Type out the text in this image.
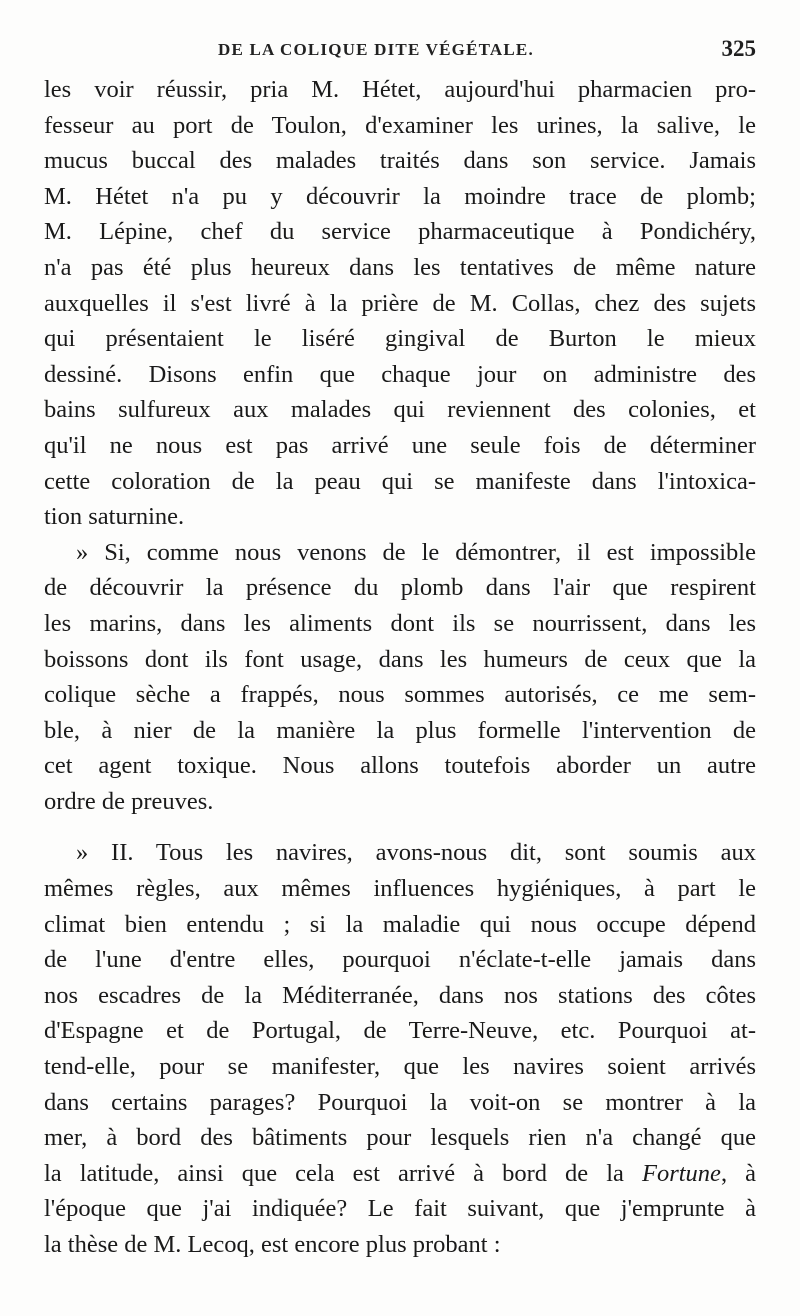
DE LA COLIQUE DITE VÉGÉTALE.	325
les voir réussir, pria M. Hétet, aujourd'hui pharmacien pro-
fesseur au port de Toulon, d'examiner les urines, la salive, le
mucus buccal des malades traités dans son service. Jamais
M. Hétet n'a pu y découvrir la moindre trace de plomb;
M. Lépine, chef du service pharmaceutique à Pondichéry,
n'a pas été plus heureux dans les tentatives de même nature
auxquelles il s'est livré à la prière de M. Collas, chez des sujets
qui présentaient le liséré gingival de Burton le mieux
dessiné. Disons enfin que chaque jour on administre des
bains sulfureux aux malades qui reviennent des colonies, et
qu'il ne nous est pas arrivé une seule fois de déterminer
cette coloration de la peau qui se manifeste dans l'intoxica-
tion saturnine.
» Si, comme nous venons de le démontrer, il est impossible
de découvrir la présence du plomb dans l'air que respirent
les marins, dans les aliments dont ils se nourrissent, dans les
boissons dont ils font usage, dans les humeurs de ceux que la
colique sèche a frappés, nous sommes autorisés, ce me sem-
ble, à nier de la manière la plus formelle l'intervention de
cet agent toxique. Nous allons toutefois aborder un autre
ordre de preuves.
» II. Tous les navires, avons-nous dit, sont soumis aux
mêmes règles, aux mêmes influences hygiéniques, à part le
climat bien entendu ; si la maladie qui nous occupe dépend
de l'une d'entre elles, pourquoi n'éclate-t-elle jamais dans
nos escadres de la Méditerranée, dans nos stations des côtes
d'Espagne et de Portugal, de Terre-Neuve, etc. Pourquoi at-
tend-elle, pour se manifester, que les navires soient arrivés
dans certains parages? Pourquoi la voit-on se montrer à la
mer, à bord des bâtiments pour lesquels rien n'a changé que
la latitude, ainsi que cela est arrivé à bord de la Fortune, à
l'époque que j'ai indiquée? Le fait suivant, que j'emprunte à
la thèse de M. Lecoq, est encore plus probant :
